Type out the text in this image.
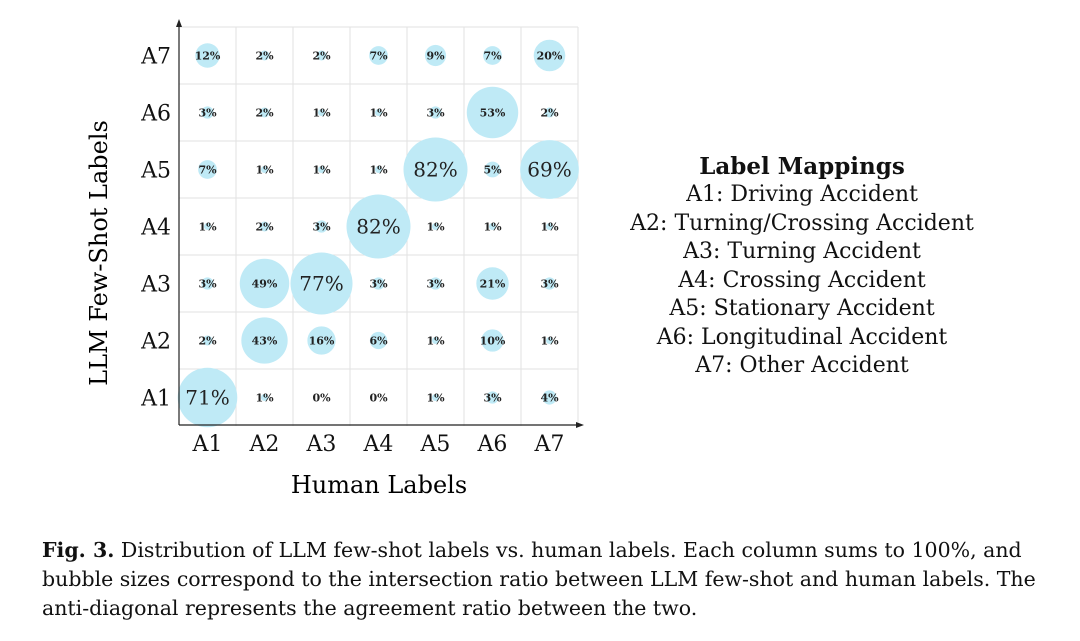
71% 1%	0%	0%	1%	3%	4%
2%	43%	16%	6%	1%	10%	1%
3%	49% 77% 3%	3%	21%	3%
1%	2%	3% 82% 1%	1%	1%
7%	1%	1%	1% 82% 5% 69%
3%	2%	1%	1%	3%	53%	2%
12%	2%	2%	7%	9%	7%	20%
A1
A2
A3
A4
A5
A6
A7
A1 A2 A3 A4 A5 A6 A7
Human Labels
LLM Few-Shot Labels	Label Mappings
A1: Driving Accident
A2: Turning/Crossing Accident
A3: Turning Accident
A4: Crossing Accident
A5: Stationary Accident
A6: Longitudinal Accident
A7: Other Accident
Fig. 3. Distribution of LLM few-shot labels vs. human labels. Each column sums to 100%, and bubble sizes correspond to the intersection ratio between LLM few-shot and human labels. The anti-diagonal represents the agreement ratio between the two.
